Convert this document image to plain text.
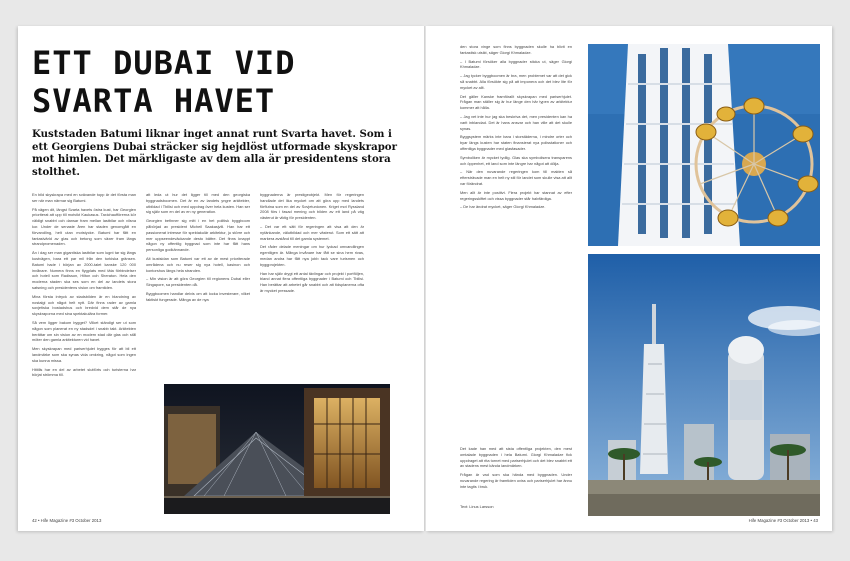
ETT DUBAI VID SVARTA HAVET

Kuststaden Batumi liknar inget annat runt Svarta havet. Som i ett Georgiens Dubai sträcker sig hejdlöst utformade skyskrapor mot himlen. Det märkligaste av dem alla är presidentens stora stolthet.

En bild skyskrapa med en svävande topp är det första man ser när man närmar sig Batumi.

På vägen dit, längst Svarta havets östra kust, har Georgien prioriterat att upp till motvikt Kaukasus. Taxichaufförerna kör väldigt snabbt och dansar fram mellan lastbilar och vilsna kor. Under de senaste åren har staden genomgått en förvandling, helt utan motstycke. Batumi har fått en fantasivärld av glas och betong som växer fram längs strandpromenaden.

Än i dag ser man gigantiska lastbilar som lugnt tar sig längs kustvägen, bara ett par mil från den turkiska gränsen. Batumi hade i början av 2000-talet kanske 120 000 invånare. Numera finns en flygplats med täta förbindelser och hotell som Radisson, Hilton och Sheraton. Hela den moderna staden ska ses som en del av landets stora satsning och presidentens vision om framtiden.

Mina första intryck av stadsbilden är en blandning av nostalgi och något helt nytt. Där finns rader av gamla sovjetiska bostadshus och bredvid dem står de nya skyskraporna med sina spektakulära former.

Så vem ligger bakom bygget? Vilket ständigt ser ut som någon som planerat en ny stadsdel i snabb takt. Arkitekten berättar om sin vision av en modern stad där glas och stål möter den gamla arkitekturen vid havet.

Men skyskrapan med pariserhjulet bygges för att bli ett landmärke som ska synas vida omkring, något som ingen ska kunna missa.

Hittills har en del av arbetet slutförts och turisterna har börjat strömma till.

att leda ut hur det ligger till med den georgiska byggnadsboomen. Det är en av landets yngre arkitekter, utbildad i Tbilisi och med uppdrag över hela kusten. Han ser sig själv som en del av en ny generation.

Georgien befinner sig mitt i en het politisk byggboom påbörjad av president Micheil Saakasjvili. Han har ett passionerat intresse för spektakulär arkitektur, ju större och mer uppseendeväckande desto bättre. Det finns knappt någon ny offentlig byggnad som inte har fått hans personliga godkännande.

Alt kustsidan som Batumi var ett av de mest prioriterade områdena och nu reser sig nya hotell, kasinon och kontorshus längs hela stranden.

– Min vision är att göra Georgien till regionens Dubai eller Singapore, sa presidenten då.

Byggboomen handlar delvis om att locka investerare, vilket faktiskt fungerade. Många av de nya

byggnaderna är prestigeobjekt. Men för regeringen handlade det lika mycket om att göra upp med landets förflutna som en del av Sovjetunionen. Kriget mot Ryssland 2008 förs i fasad mening och bilden av ett land på väg västerut är viktig för presidenten.

– Det var ett sätt för regeringen att visa att den är nytänkande, välutbildad och mer västerut. Som ett sätt att markera avstånd till det gamla systemet.

Det råder delade meningar om hur lyckad omvandlingen egentligen är. Många invånare har fått se sina hem rivas, medan andra har fått nya jobb tack vare turismen och byggprojekten.

Han har själv drygt ett antal tävlingar och projekt i portföljen, bland annat flera offentliga byggnader i Batumi och Tbilisi. Han berättar att arbetet går snabbt och att tidsplanerna ofta är mycket pressade.

42 • Hife Magazine #3 October 2013

den stora vinge som finns byggnaden skulle ha blivit en fantastisk utsikt, säger Giorgi Khmaladze.

– I Batumi försöker alla byggnader sticka ut, säger Giorgi Khmaladze.

– Jag tycker byggboomen är bra, men problemet var att det gick så snabbt. Alla försökte sig på att imponera och det blev lite för mycket av allt.

Det gäller Kanske framförallt skyskrapan med pariserhjulet. Frågan man ställer sig är hur länge den här typen av arkitektur kommer att hålla.

– Jag vet inte hur jag ska beskriva det, men presidenten kan ha varit inblandad. Det är hans ansvar och han ville att det skulle synas.

Byggsystem märks inte bara i storstäderna, i mindre orter och byar längs kusten har staten finansierat nya polisstationer och offentliga byggnader med glasfasader.

Symboliken är mycket tydlig. Glas ska symbolisera transparens och öppenhet, ett land som inte längre har något att dölja.

– När den nuvarande regeringen kom till makten så eftersträvade man en helt ny stil för landet som skulle visa att allt var förändrat.

Men allt är inte positivt. Flera projekt har stannat av efter regeringsskiftet och vissa byggnader står halvfärdiga.

– De har ändrat mycket, säger Giorgi Khmaladze.

Det kade han med att sista offentliga projekten, den mest omtalade byggnaden i hela Batumi. Giorgi Khmaladze fick uppdraget att rita tornet med pariserhjulet och det blev snabbt ett av stadens mest kända landmärken.

Frågan är vad som ska hända med byggnaden. Under nuvarande regering är framtiden oviss och pariserhjulet har ännu inte tagits i bruk.

Text: Linus Larsson
Hife Magazine #3 October 2013 • 43
